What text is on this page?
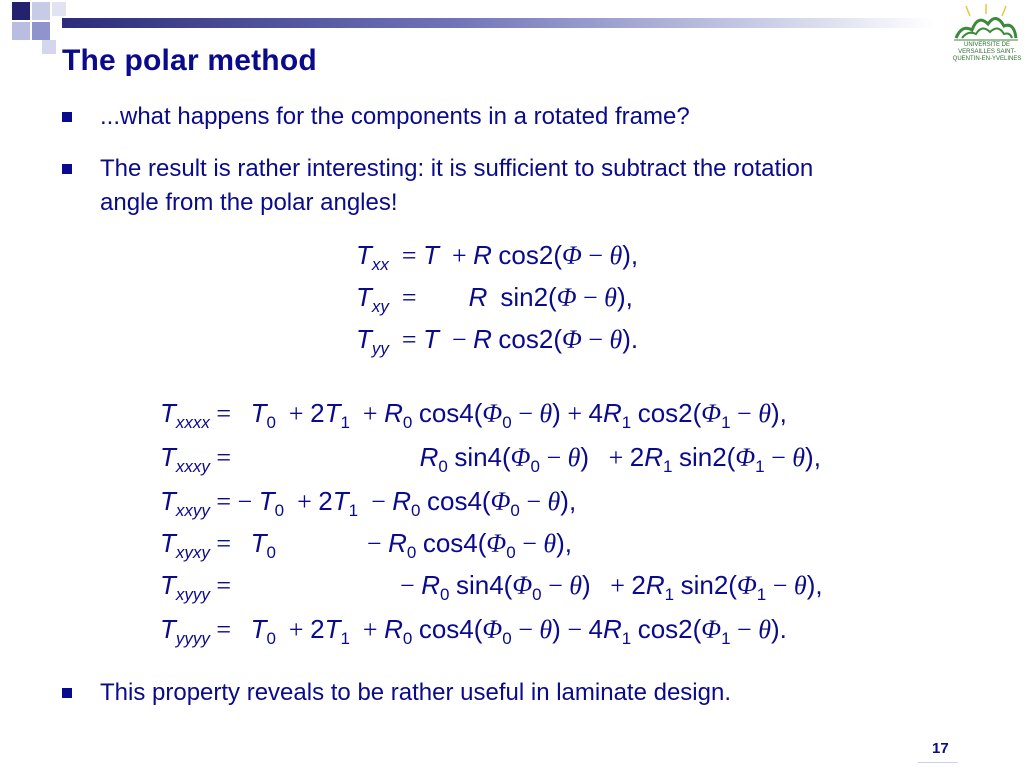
UNIVERSITE DE VERSAILLES SAINT-QUENTIN-EN-YVELINES
The polar method
...what happens for the components in a rotated frame?
The result is rather interesting: it is sufficient to subtract the rotation
angle from the polar angles!
$T_{xx} = T + R$ cos2(Φ − θ),
$T_{xy}$  =        R sin2(Φ − θ),
$T_{yy} = T - R$ cos2(Φ − θ).
$T_{xxxx} = T_0 + 2T_1 + R_0$ $\cos 4(\Phi_0 - \theta) + 4R_1$ $\cos 2(\Phi_1 - \theta)$,
$T_{xxxy}$ =                             $R_0$ $\sin 4(\Phi_0 - \theta) + 2R_1$ $\sin 2(\Phi_1 - \theta)$,
$T_{xxyy}$ = − $T_0 + 2T_1 - R_0$ $\cos 4(\Phi_0 - \theta)$,
$T_{xyxy} = T_0$              − $R_0$ $\cos 4(\Phi_0 - \theta)$,
$T_{xyyy}$ =                          − $R_0$ $\sin 4(\Phi_0 - \theta) + 2R_1$ $\sin 2(\Phi_1 - \theta)$,
$T_{yyyy} = T_0 + 2T_1 + R_0$ $\cos 4(\Phi_0 - \theta) - 4R_1$ $\cos 2(\Phi_1 - \theta)$.
This property reveals to be rather useful in laminate design.
17
